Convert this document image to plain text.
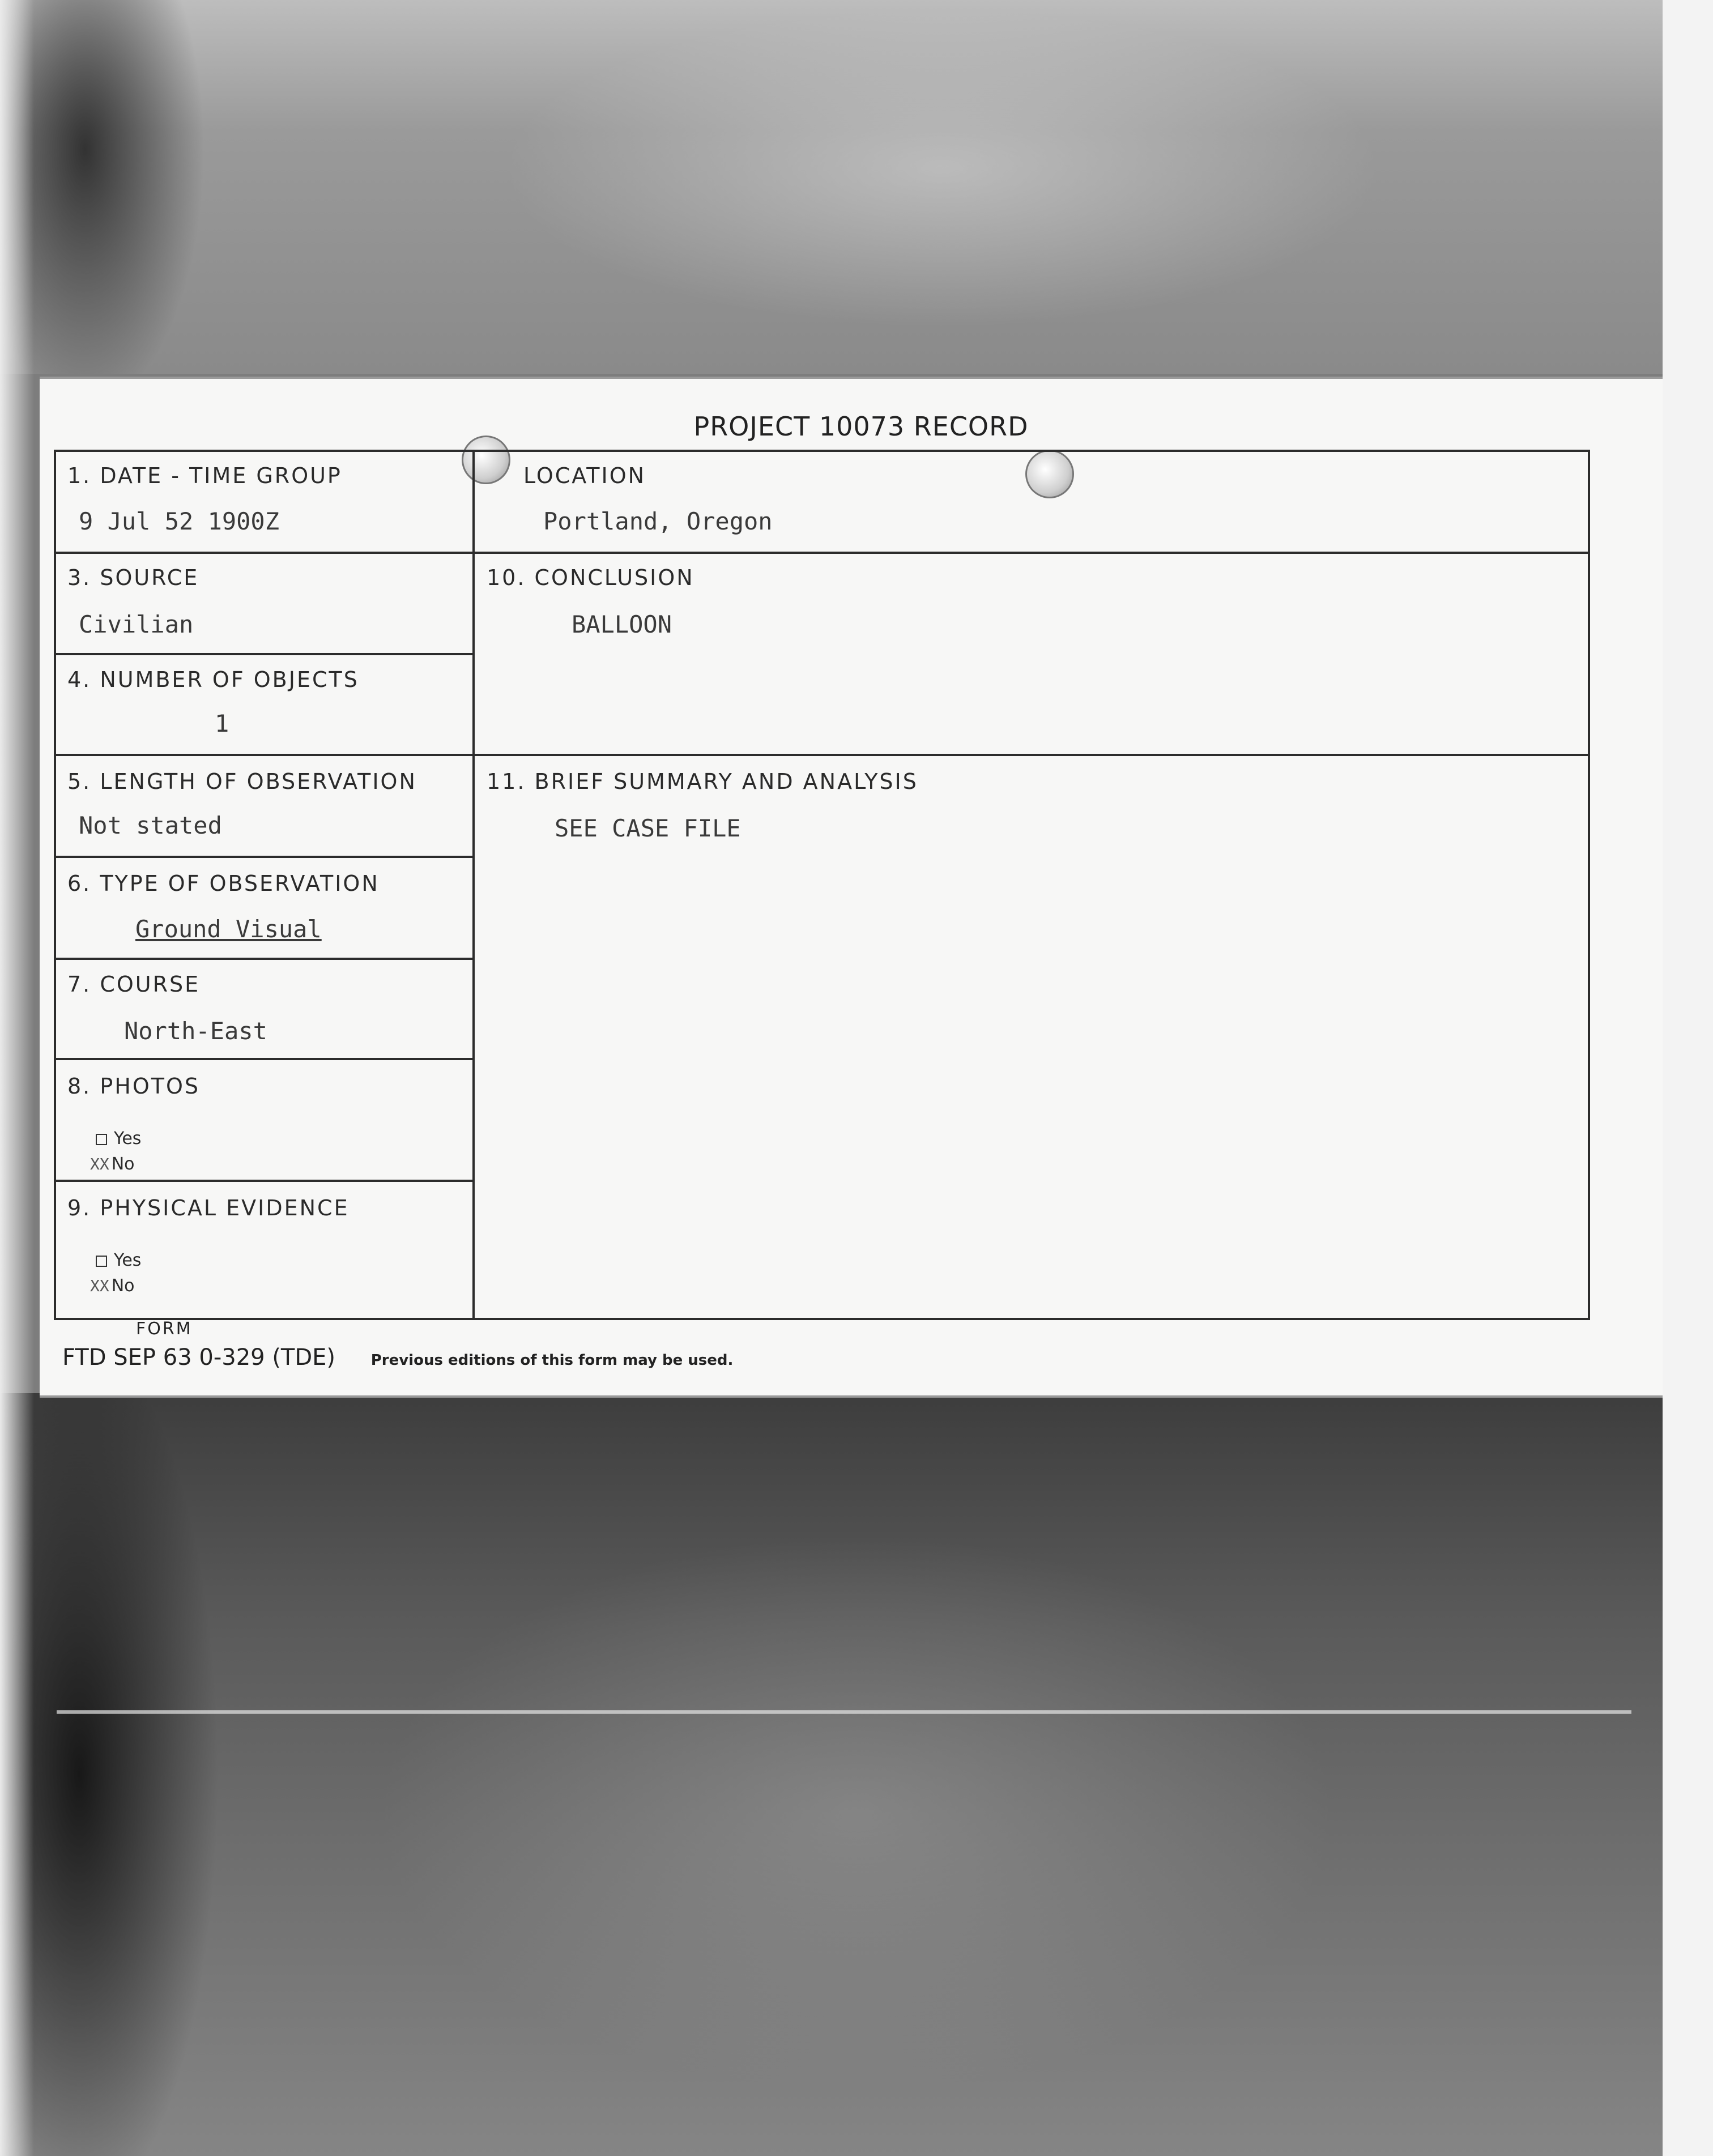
PROJECT 10073 RECORD
1. DATE - TIME GROUP
9 Jul 52 1900Z
LOCATION
Portland, Oregon
3. SOURCE
Civilian
10. CONCLUSION
BALLOON
4. NUMBER OF OBJECTS
1
5. LENGTH OF OBSERVATION
Not stated
11. BRIEF SUMMARY AND ANALYSIS
SEE CASE FILE
6. TYPE OF OBSERVATION
Ground Visual
7. COURSE
North-East
8. PHOTOS
Yes
XX No
9. PHYSICAL EVIDENCE
Yes
XX No
FORM
FTD SEP 63 0-329 (TDE) Previous editions of this form may be used.
